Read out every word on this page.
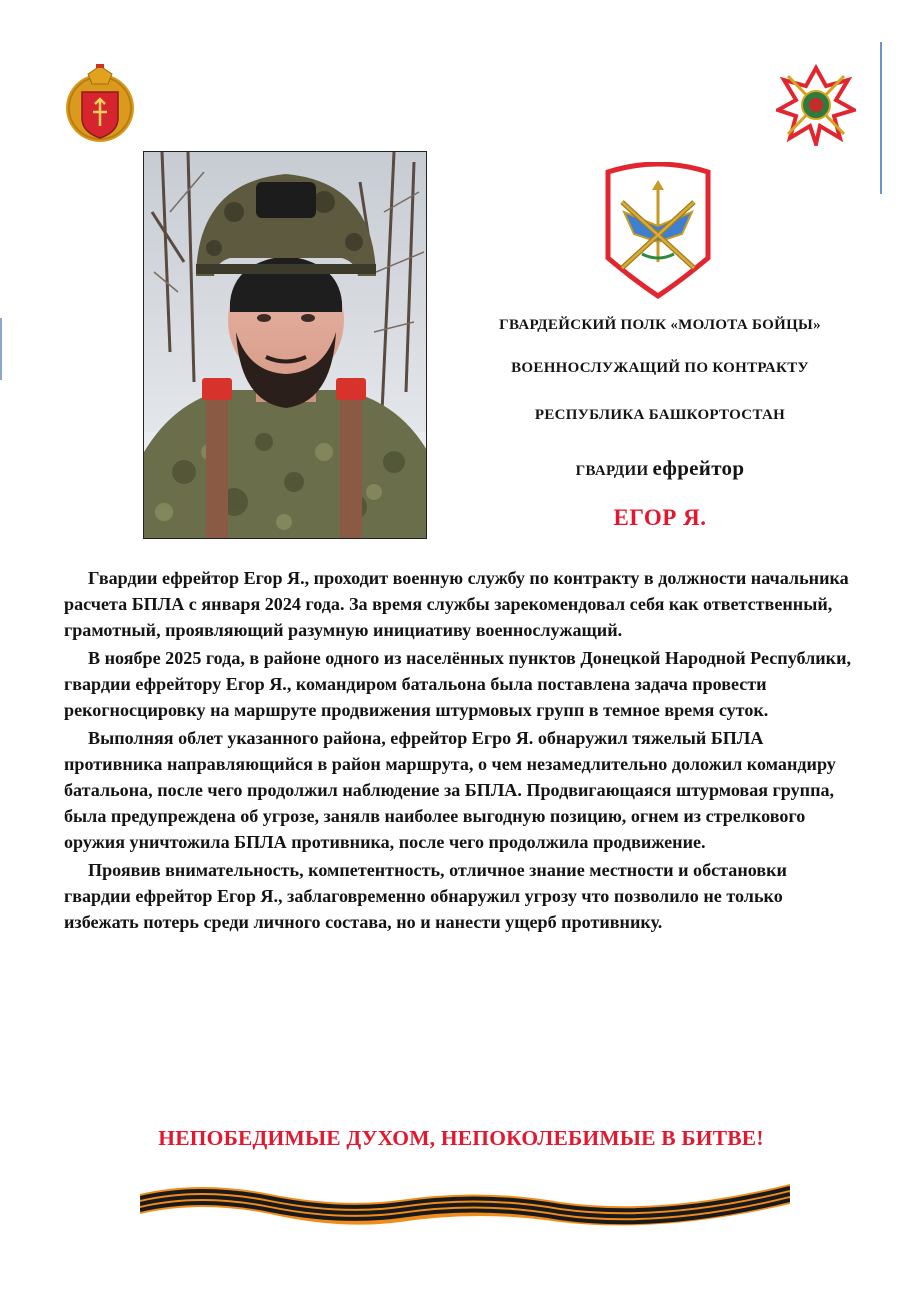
ГВАРДЕЙСКИЙ ПОЛК «МОЛОТА БОЙЦЫ»

ВОЕННОСЛУЖАЩИЙ ПО КОНТРАКТУ

РЕСПУБЛИКА БАШКОРТОСТАН

ГВАРДИИ ефрейтор

ЕГОР Я.

Гвардии ефрейтор Егор Я., проходит военную службу по контракту в должности начальника расчета БПЛА с января 2024 года. За время службы зарекомендовал себя как ответственный, грамотный, проявляющий разумную инициативу военнослужащий.

В ноябре 2025 года, в районе одного из населённых пунктов Донецкой Народной Республики, гвардии ефрейтору Егор Я., командиром батальона была поставлена задача провести рекогносцировку на маршруте продвижения штурмовых групп в темное время суток.

Выполняя облет указанного района, ефрейтор Егро Я. обнаружил тяжелый БПЛА противника направляющийся в район маршрута, о чем незамедлительно доложил командиру батальона, после чего продолжил наблюдение за БПЛА. Продвигающаяся штурмовая группа, была предупреждена об угрозе, занялв наиболее выгодную позицию, огнем из стрелкового оружия уничтожила БПЛА противника, после чего продолжила продвижение.

Проявив внимательность, компетентность, отличное знание местности и обстановки гвардии ефрейтор Егор Я., заблаговременно обнаружил угрозу что позволило не только избежать потерь среди личного состава, но и нанести ущерб противнику.

НЕПОБЕДИМЫЕ ДУХОМ, НЕПОКОЛЕБИМЫЕ В БИТВЕ!
